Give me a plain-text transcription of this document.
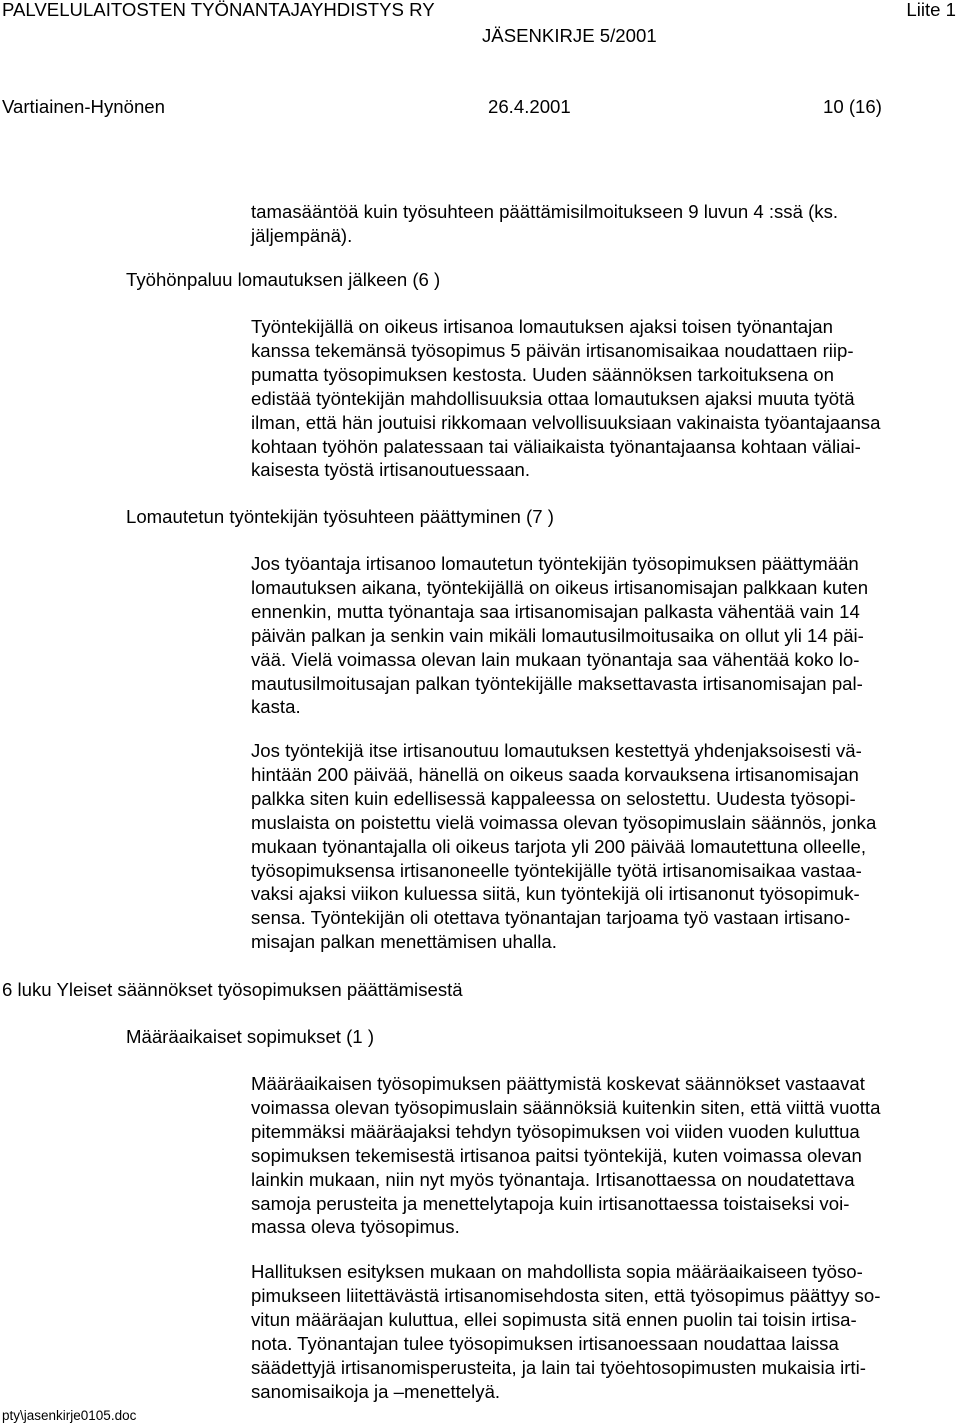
PALVELULAITOSTEN TYÖNANTAJAYHDISTYS RY	Liite 1
JÄSENKIRJE 5/2001
Vartiainen-Hynönen	26.4.2001	10 (16)

tamasääntöä kuin työsuhteen päättämisilmoitukseen 9 luvun 4 :ssä (ks.
jäljempänä).

Työhönpaluu lomautuksen jälkeen (6 )

Työntekijällä on oikeus irtisanoa lomautuksen ajaksi toisen työnantajan
kanssa tekemänsä työsopimus 5 päivän irtisanomisaikaa noudattaen riip-
pumatta työsopimuksen kestosta. Uuden säännöksen tarkoituksena on
edistää työntekijän mahdollisuuksia ottaa lomautuksen ajaksi muuta työtä
ilman, että hän joutuisi rikkomaan velvollisuuksiaan vakinaista työantajaansa
kohtaan työhön palatessaan tai väliaikaista työnantajaansa kohtaan väliai-
kaisesta työstä irtisanoutuessaan.

Lomautetun työntekijän työsuhteen päättyminen (7 )

Jos työantaja irtisanoo lomautetun työntekijän työsopimuksen päättymään
lomautuksen aikana, työntekijällä on oikeus irtisanomisajan palkkaan kuten
ennenkin, mutta työnantaja saa irtisanomisajan palkasta vähentää vain 14
päivän palkan ja senkin vain mikäli lomautusilmoitusaika on ollut yli 14 päi-
vää. Vielä voimassa olevan lain mukaan työnantaja saa vähentää koko lo-
mautusilmoitusajan palkan työntekijälle maksettavasta irtisanomisajan pal-
kasta.

Jos työntekijä itse irtisanoutuu lomautuksen kestettyä yhdenjaksoisesti vä-
hintään 200 päivää, hänellä on oikeus saada korvauksena irtisanomisajan
palkka siten kuin edellisessä kappaleessa on selostettu. Uudesta työsopi-
muslaista on poistettu vielä voimassa olevan työsopimuslain säännös, jonka
mukaan työnantajalla oli oikeus tarjota yli 200 päivää lomautettuna olleelle,
työsopimuksensa irtisanoneelle työntekijälle työtä irtisanomisaikaa vastaa-
vaksi ajaksi viikon kuluessa siitä, kun työntekijä oli irtisanonut työsopimuk-
sensa. Työntekijän oli otettava työnantajan tarjoama työ vastaan irtisano-
misajan palkan menettämisen uhalla.

6 luku Yleiset säännökset työsopimuksen päättämisestä
Määräaikaiset sopimukset (1 )

Määräaikaisen työsopimuksen päättymistä koskevat säännökset vastaavat
voimassa olevan työsopimuslain säännöksiä kuitenkin siten, että viittä vuotta
pitemmäksi määräajaksi tehdyn työsopimuksen voi viiden vuoden kuluttua
sopimuksen tekemisestä irtisanoa paitsi työntekijä, kuten voimassa olevan
lainkin mukaan, niin nyt myös työnantaja. Irtisanottaessa on noudatettava
samoja perusteita ja menettelytapoja kuin irtisanottaessa toistaiseksi voi-
massa oleva työsopimus.

Hallituksen esityksen mukaan on mahdollista sopia määräaikaiseen työso-
pimukseen liitettävästä irtisanomisehdosta siten, että työsopimus päättyy so-
vitun määräajan kuluttua, ellei sopimusta sitä ennen puolin tai toisin irtisa-
nota. Työnantajan tulee työsopimuksen irtisanoessaan noudattaa laissa
säädettyjä irtisanomisperusteita, ja lain tai työehtosopimusten mukaisia irti-
sanomisaikoja ja –menettelyä.

pty\jasenkirje0105.doc
